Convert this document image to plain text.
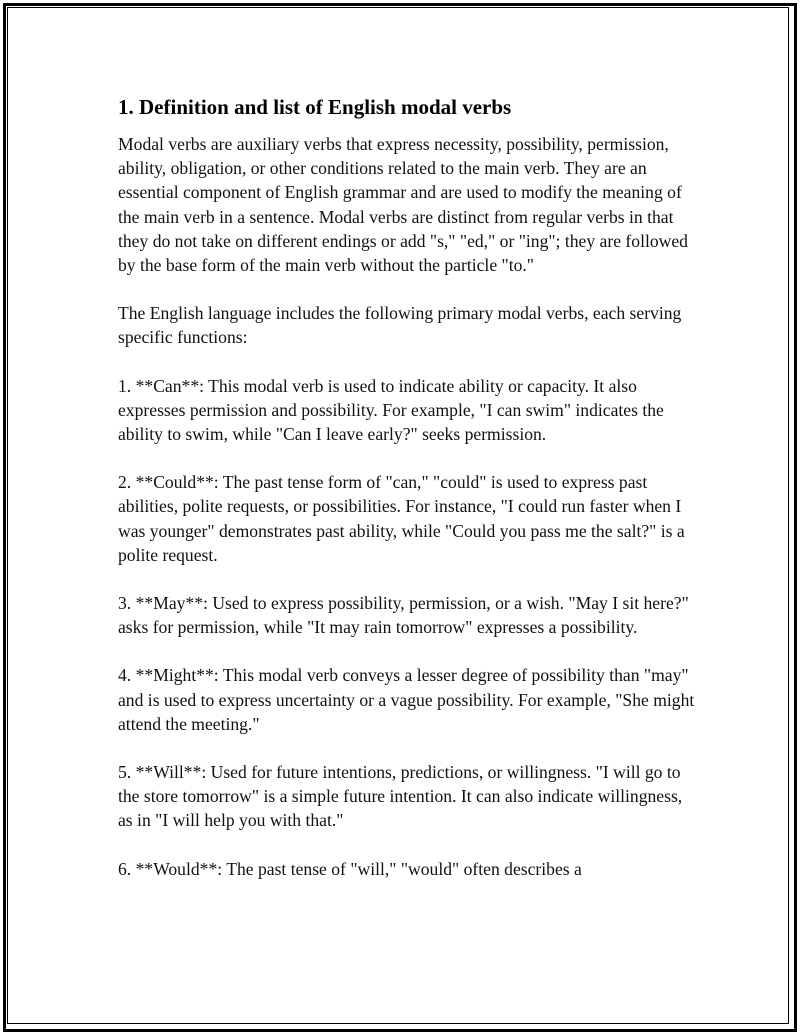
1. Definition and list of English modal verbs

Modal verbs are auxiliary verbs that express necessity, possibility, permission, ability, obligation, or other conditions related to the main verb. They are an essential component of English grammar and are used to modify the meaning of the main verb in a sentence. Modal verbs are distinct from regular verbs in that they do not take on different endings or add "s," "ed," or "ing"; they are followed by the base form of the main verb without the particle "to."

The English language includes the following primary modal verbs, each serving specific functions:

1. **Can**: This modal verb is used to indicate ability or capacity. It also expresses permission and possibility. For example, "I can swim" indicates the ability to swim, while "Can I leave early?" seeks permission.

2. **Could**: The past tense form of "can," "could" is used to express past abilities, polite requests, or possibilities. For instance, "I could run faster when I was younger" demonstrates past ability, while "Could you pass me the salt?" is a polite request.

3. **May**: Used to express possibility, permission, or a wish. "May I sit here?" asks for permission, while "It may rain tomorrow" expresses a possibility.

4. **Might**: This modal verb conveys a lesser degree of possibility than "may" and is used to express uncertainty or a vague possibility. For example, "She might attend the meeting."

5. **Will**: Used for future intentions, predictions, or willingness. "I will go to the store tomorrow" is a simple future intention. It can also indicate willingness, as in "I will help you with that."

6. **Would**: The past tense of "will," "would" often describes a
